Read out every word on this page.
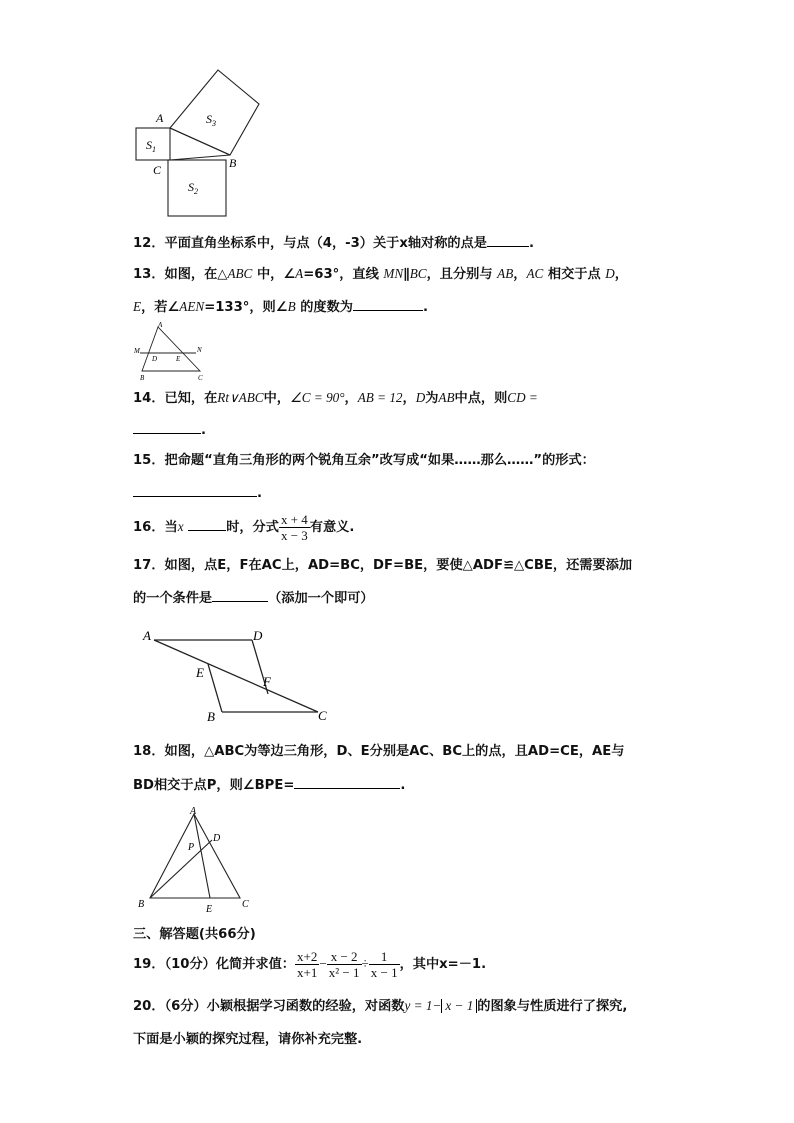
A
B
C
$S_1$
$S_2$
$S_3$
12．平面直角坐标系中，与点（4，-3）关于x轴对称的点是	.
13．如图，在△ABC 中，∠A=63°，直线 MN∥BC，且分别与 AB，AC 相交于点 D，
E，若∠AEN=133°，则∠B 的度数为	.
A
M	N
D	E
B	C
14．已知，在Rt∨ABC中，∠C = 90°，AB = 12，D为AB中点，则CD =
.
15．把命题“直角三角形的两个锐角互余”改写成“如果……那么……”的形式：
.
16．当x	时，分式 $\frac{x + 4}{x - 3}$ 有意义.
17．如图，点E，F在AC上，AD=BC，DF=BE，要使△ADF≌△CBE，还需要添加
的一个条件是	（添加一个即可）
A	D
E
F
B	C
18．如图，△ABC为等边三角形，D、E分别是AC、BC上的点，且AD=CE，AE与
BD相交于点P，则∠BPE=	.
A
D
P
B	E	C
三、解答题(共66分)
19．（10分）化简并求值： $\frac{x+2}{x+1} - \frac{x - 2}{\text{x² − 1}} \div \frac{1}{x - 1}$ ，其中x=－1.
20．（6分）小颖根据学习函数的经验，对函数y = 1− x − 1 的图象与性质进行了探究,
下面是小颖的探究过程，请你补充完整.
